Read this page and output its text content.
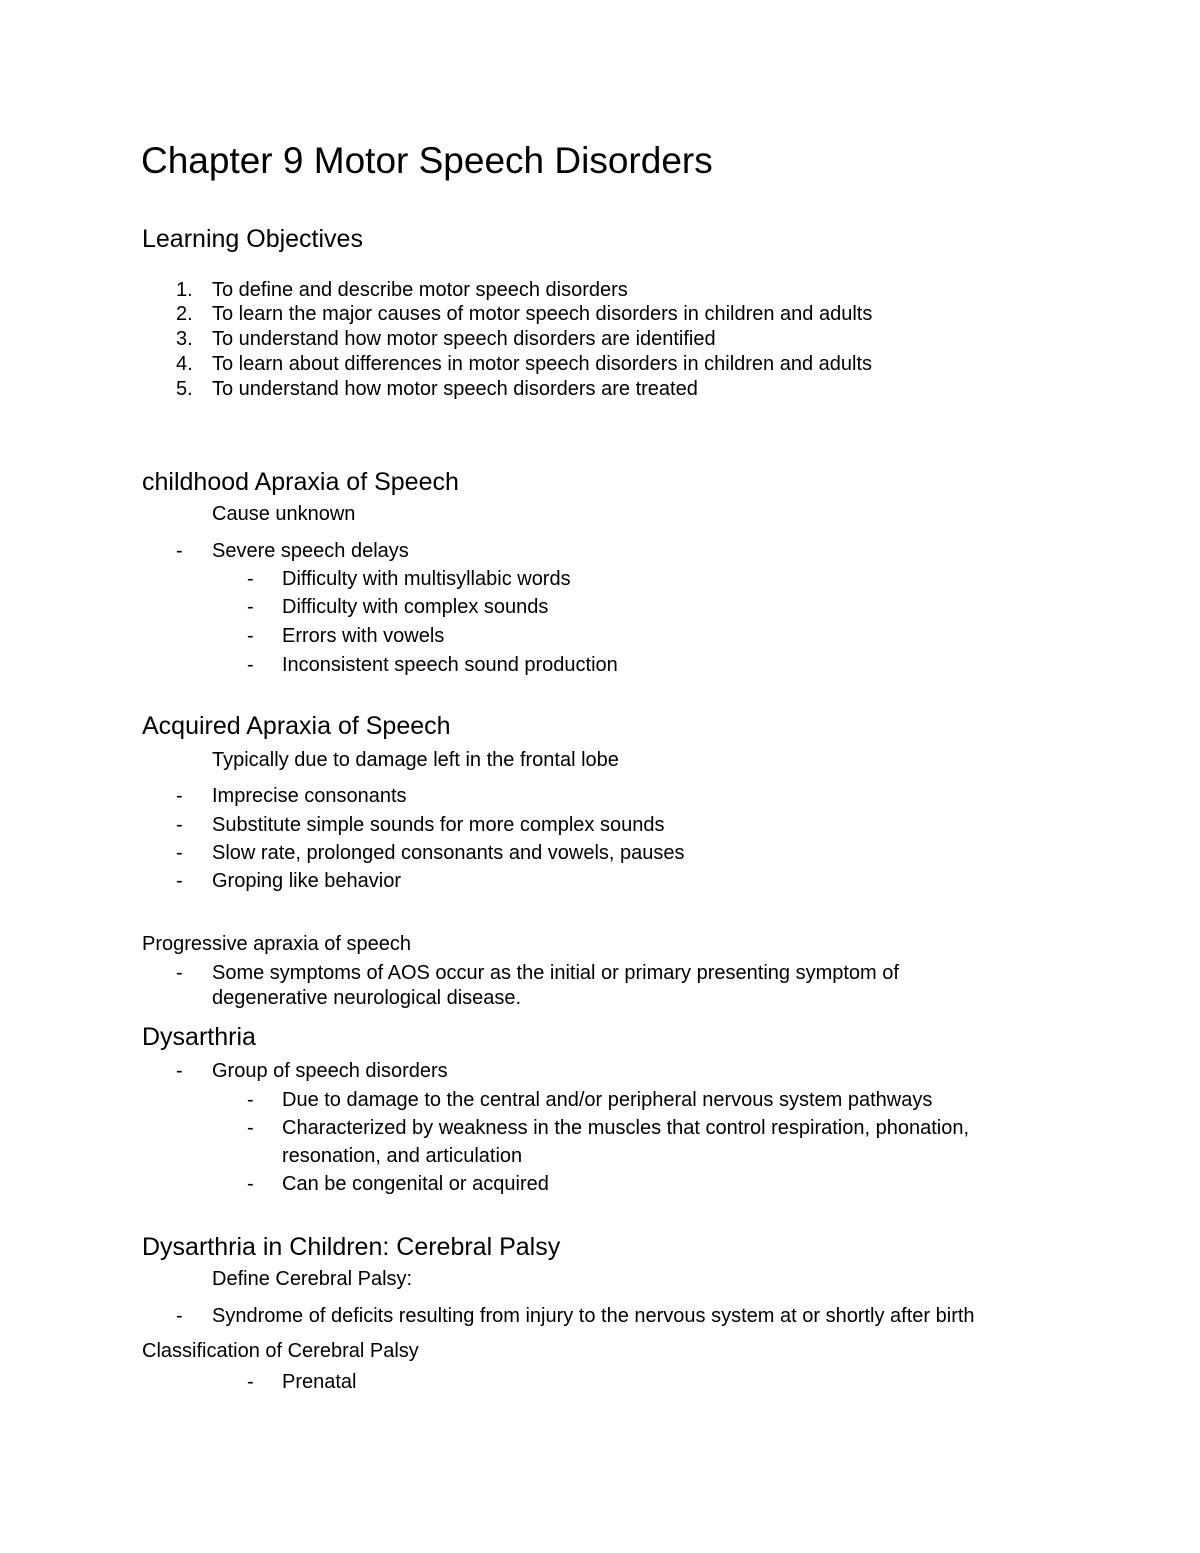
Chapter 9 Motor Speech Disorders
Learning Objectives
1. To define and describe motor speech disorders
2. To learn the major causes of motor speech disorders in children and adults
3. To understand how motor speech disorders are identified
4. To learn about differences in motor speech disorders in children and adults
5. To understand how motor speech disorders are treated
childhood Apraxia of Speech
Cause unknown
- Severe speech delays
- Difficulty with multisyllabic words
- Difficulty with complex sounds
- Errors with vowels
- Inconsistent speech sound production
Acquired Apraxia of Speech
Typically due to damage left in the frontal lobe
- Imprecise consonants
- Substitute simple sounds for more complex sounds
- Slow rate, prolonged consonants and vowels, pauses
- Groping like behavior
Progressive apraxia of speech
- Some symptoms of AOS occur as the initial or primary presenting symptom of
degenerative neurological disease.
Dysarthria
- Group of speech disorders
- Due to damage to the central and/or peripheral nervous system pathways
- Characterized by weakness in the muscles that control respiration, phonation,
resonation, and articulation
- Can be congenital or acquired
Dysarthria in Children: Cerebral Palsy
Define Cerebral Palsy:
- Syndrome of deficits resulting from injury to the nervous system at or shortly after birth
Classification of Cerebral Palsy
- Prenatal
